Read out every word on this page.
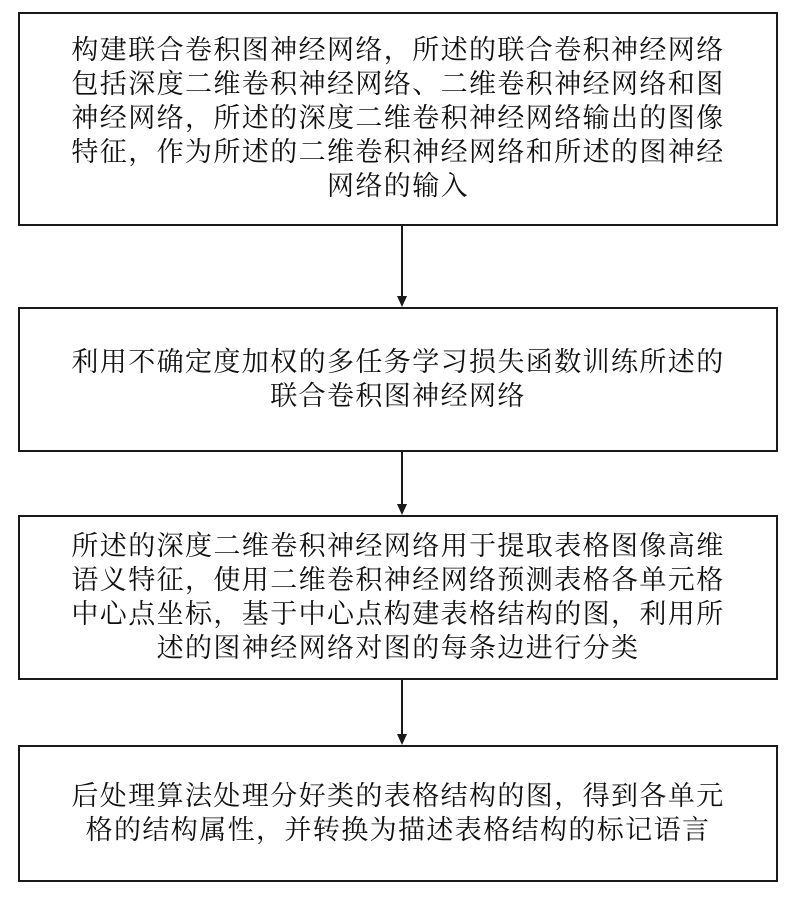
构建联合卷积图神经网络，所述的联合卷积神经网络
包括深度二维卷积神经网络、二维卷积神经网络和图
神经网络，所述的深度二维卷积神经网络输出的图像
特征，作为所述的二维卷积神经网络和所述的图神经
网络的输入
利用不确定度加权的多任务学习损失函数训练所述的
联合卷积图神经网络
所述的深度二维卷积神经网络用于提取表格图像高维
语义特征，使用二维卷积神经网络预测表格各单元格
中心点坐标，基于中心点构建表格结构的图，利用所
述的图神经网络对图的每条边进行分类
后处理算法处理分好类的表格结构的图，得到各单元
格的结构属性，并转换为描述表格结构的标记语言
